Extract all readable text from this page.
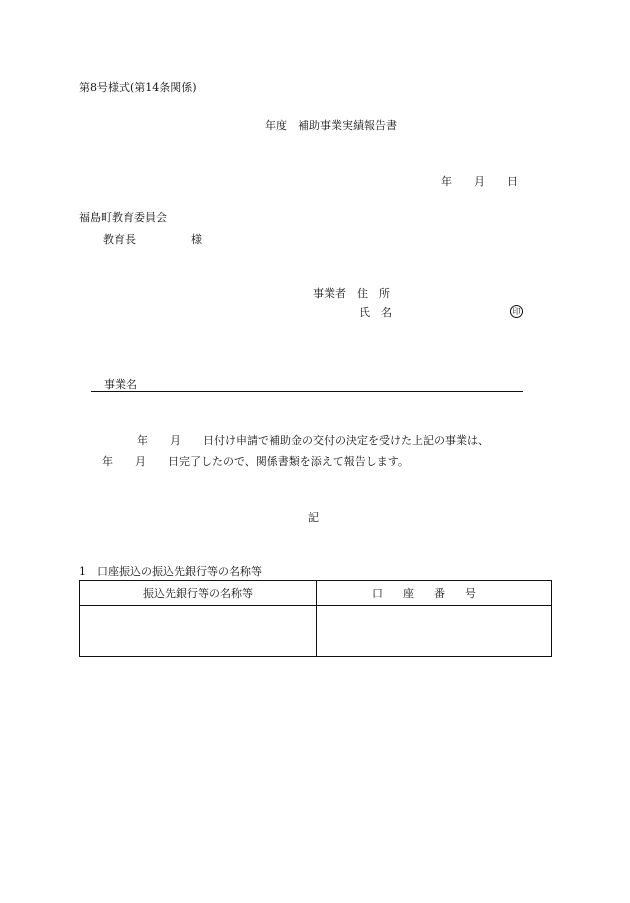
第8号様式(第14条関係)
年度　補助事業実績報告書
年　　月　　日
福島町教育委員会
教育長　　　　　様
事業者　住　所
氏　名	印
事業名
年　　月　　日付け申請で補助金の交付の決定を受けた上記の事業は、
年　　月　　日完了したので、関係書類を添えて報告します。
記
1　口座振込の振込先銀行等の名称等
振込先銀行等の名称等	口座番号
